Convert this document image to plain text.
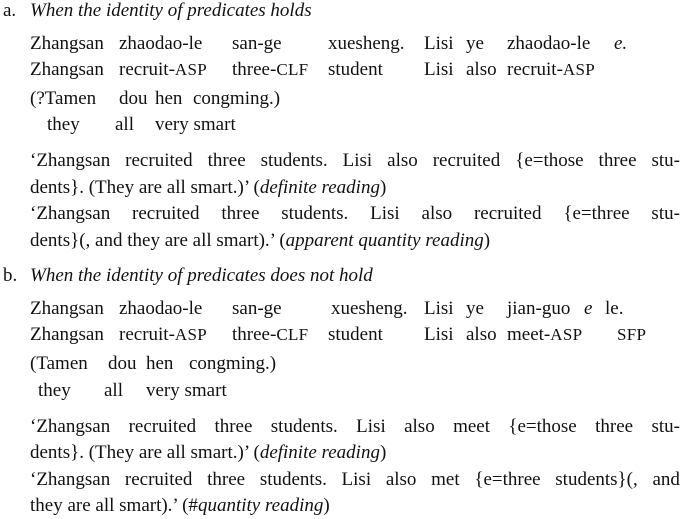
a. When the identity of predicates holds
Zhangsan zhaodao-le san-ge xuesheng. Lisi ye zhaodao-le e.
Zhangsan recruit-ASP three-CLF student Lisi also recruit-ASP
(?Tamen dou hen congming.)
they all very smart
‘Zhangsan recruited three students. Lisi also recruited {e=those three stu-
dents}. (They are all smart.)’ (definite reading)
‘Zhangsan recruited three students. Lisi also recruited {e=three stu-
dents}(, and they are all smart).’ (apparent quantity reading)
b. When the identity of predicates does not hold
Zhangsan zhaodao-le san-ge	xuesheng. Lisi ye jian-guo e le.
Zhangsan recruit-ASP three-CLF student Lisi also meet-ASP SFP
(Tamen dou hen congming.)
they all very smart
‘Zhangsan recruited three students. Lisi also meet {e=those three stu-
dents}. (They are all smart.)’ (definite reading)
‘Zhangsan recruited three students. Lisi also met {e=three students}(, and
they are all smart).’ (#quantity reading)
